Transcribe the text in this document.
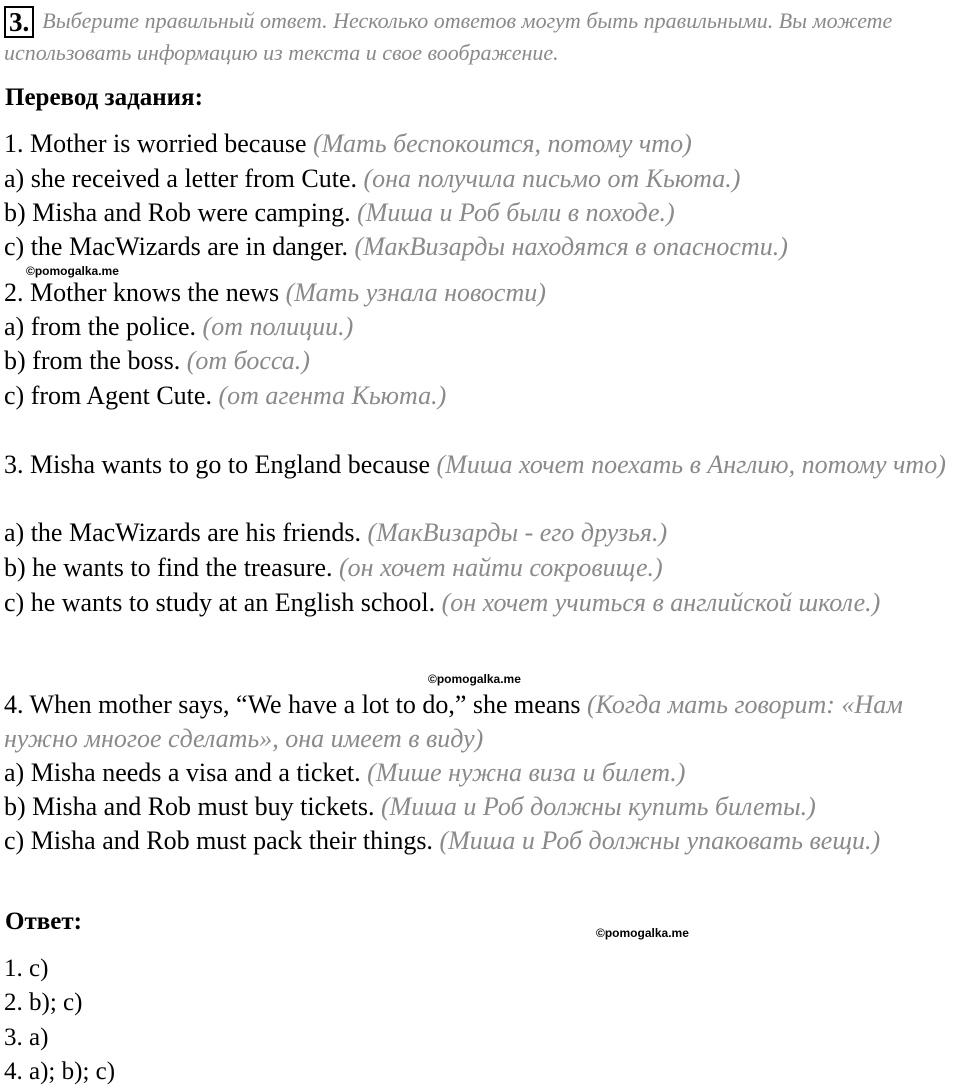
3. Выберите правильный ответ. Несколько ответов могут быть правильными. Вы можете использовать информацию из текста и свое воображение.
Перевод задания:
1. Mother is worried because (Мать беспокоится, потому что)
a) she received a letter from Cute. (она получила письмо от Кьюта.)
b) Misha and Rob were camping. (Миша и Роб были в походе.)
c) the MacWizards are in danger. (МакВизарды находятся в опасности.)
©pomogalka.me
2. Mother knows the news (Мать узнала новости)
a) from the police. (от полиции.)
b) from the boss. (от босса.)
c) from Agent Cute. (от агента Кьюта.)
3. Misha wants to go to England because (Миша хочет поехать в Англию, потому что)
a) the MacWizards are his friends. (МакВизарды - его друзья.)
b) he wants to find the treasure. (он хочет найти сокровище.)
c) he wants to study at an English school. (он хочет учиться в английской школе.)
©pomogalka.me
4. When mother says, “We have a lot to do,” she means (Когда мать говорит: «Нам нужно многое сделать», она имеет в виду)
a) Misha needs a visa and a ticket. (Мише нужна виза и билет.)
b) Misha and Rob must buy tickets. (Миша и Роб должны купить билеты.)
c) Misha and Rob must pack their things. (Миша и Роб должны упаковать вещи.)
Ответ:	©pomogalka.me
1. c)
2. b); c)
3. a)
4. a); b); c)
